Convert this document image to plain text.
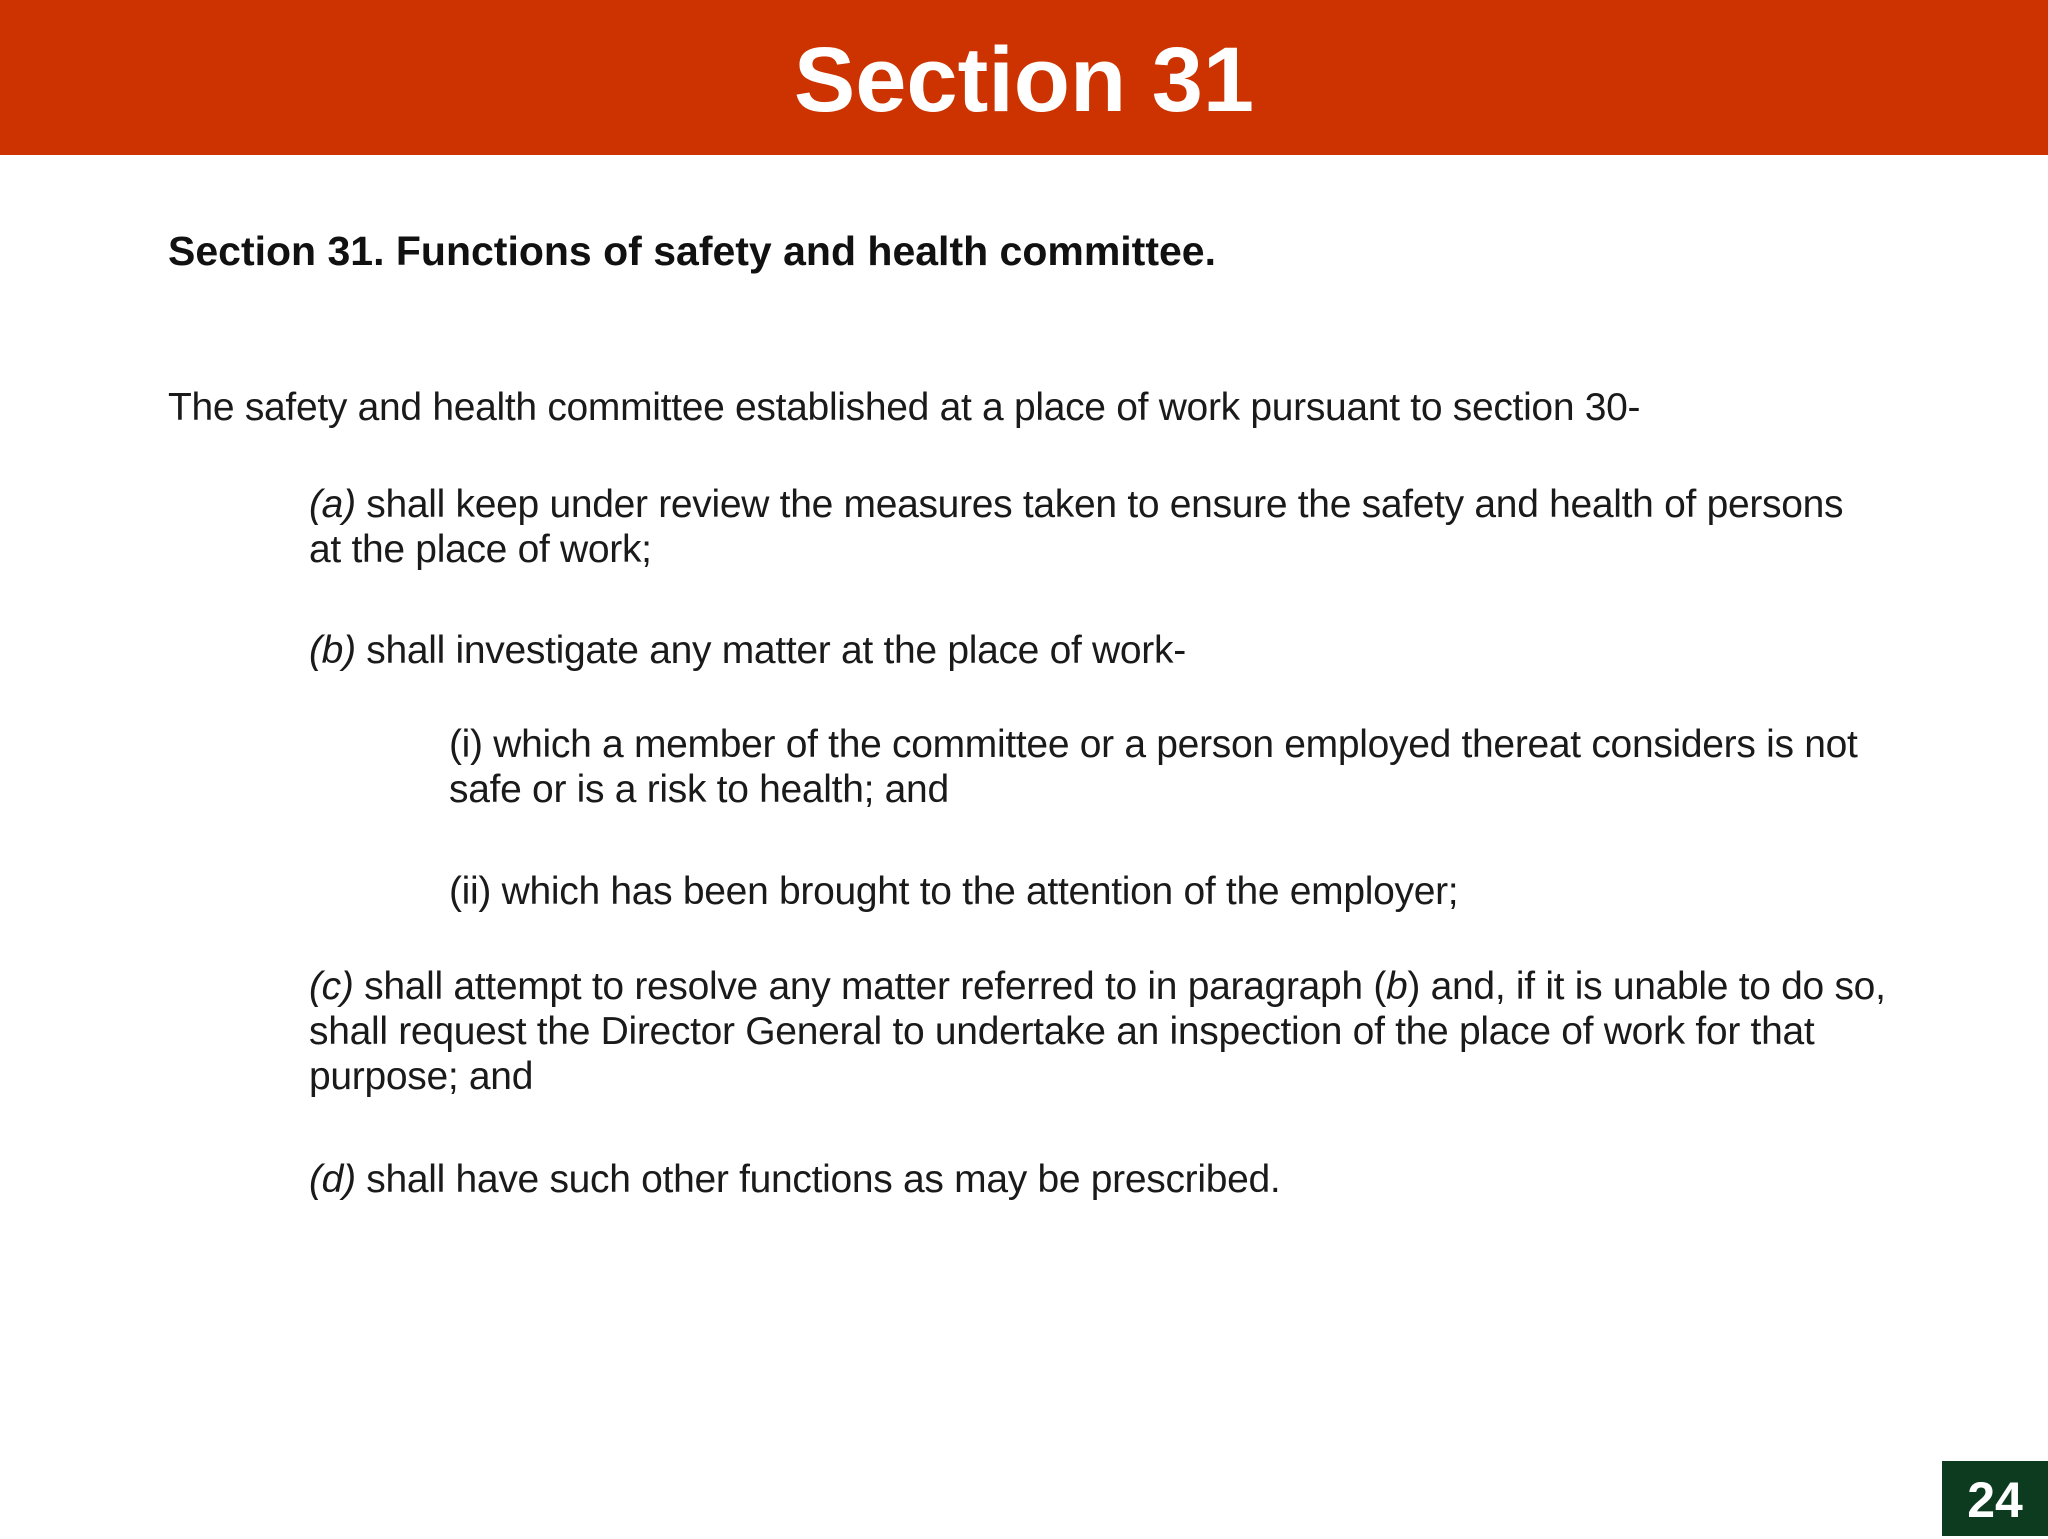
Section 31
Section 31. Functions of safety and health committee.

The safety and health committee established at a place of work pursuant to section 30-

(a) shall keep under review the measures taken to ensure the safety and health of persons at the place of work;

(b) shall investigate any matter at the place of work-

(i) which a member of the committee or a person employed thereat considers is not safe or is a risk to health; and

(ii) which has been brought to the attention of the employer;

(c) shall attempt to resolve any matter referred to in paragraph (b) and, if it is unable to do so, shall request the Director General to undertake an inspection of the place of work for that purpose; and

(d) shall have such other functions as may be prescribed.

24
